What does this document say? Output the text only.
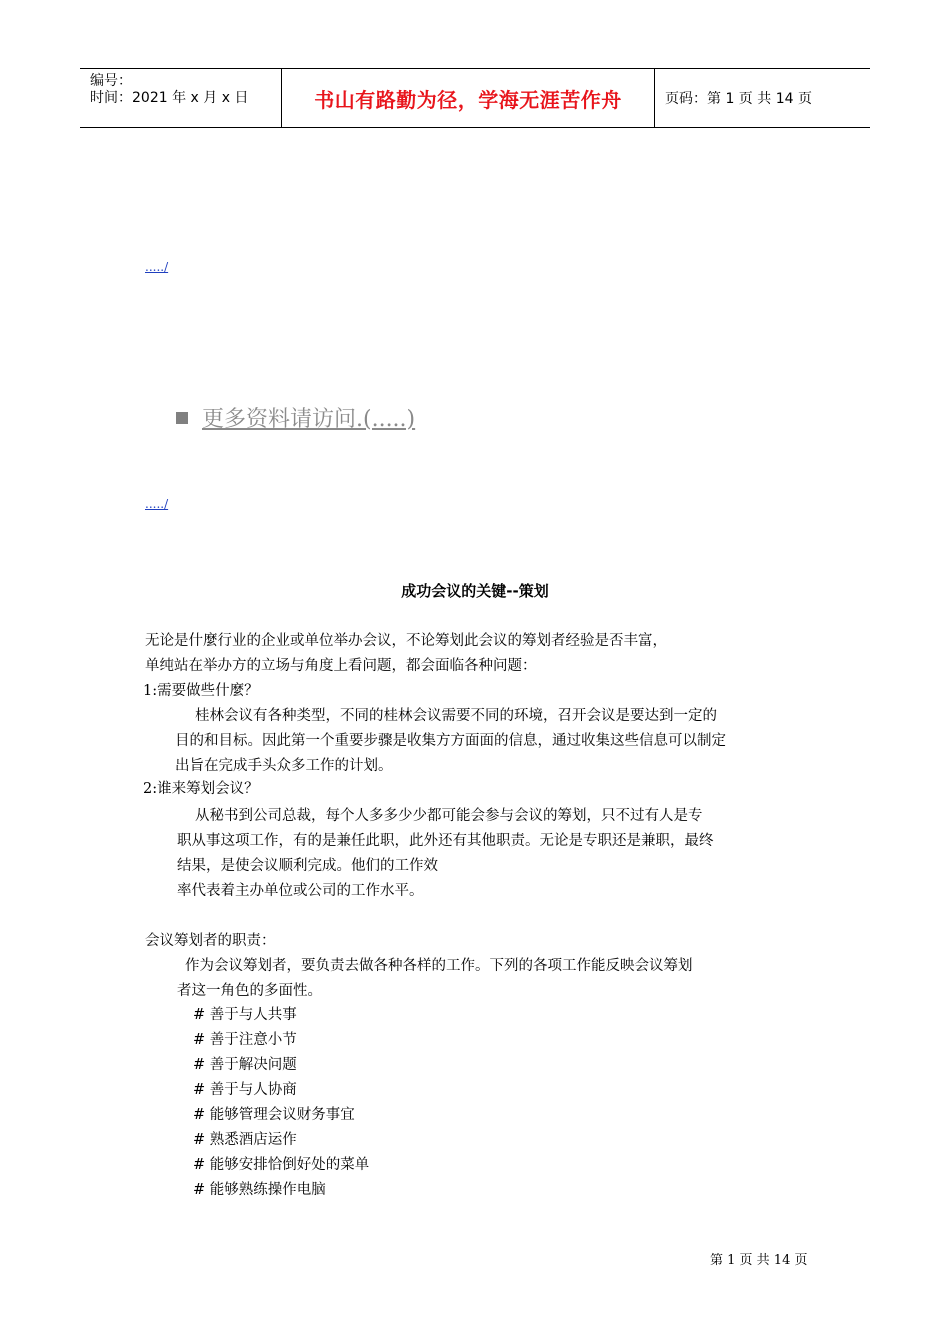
编号：
时间：2021 年 x 月 x 日	书山有路勤为径，学海无涯苦作舟	页码：第 1 页 共 14 页
...../
更多资料请访问.(.....)
...../
成功会议的关键--策划
无论是什麼行业的企业或单位举办会议，不论筹划此会议的筹划者经验是否丰富，
单纯站在举办方的立场与角度上看问题，都会面临各种问题：
1:需要做些什麼？
桂林会议有各种类型，不同的桂林会议需要不同的环境，召开会议是要达到一定的
目的和目标。因此第一个重要步骤是收集方方面面的信息，通过收集这些信息可以制定
出旨在完成手头众多工作的计划。
2:谁来筹划会议？
从秘书到公司总裁，每个人多多少少都可能会参与会议的筹划，只不过有人是专
职从事这项工作，有的是兼任此职，此外还有其他职责。无论是专职还是兼职，最终
结果，是使会议顺利完成。他们的工作效
率代表着主办单位或公司的工作水平。
会议筹划者的职责：
作为会议筹划者，要负责去做各种各样的工作。下列的各项工作能反映会议筹划
者这一角色的多面性。
# 善于与人共事
# 善于注意小节
# 善于解决问题
# 善于与人协商
# 能够管理会议财务事宜
# 熟悉酒店运作
# 能够安排恰倒好处的菜单
# 能够熟练操作电脑
第 1 页 共 14 页
